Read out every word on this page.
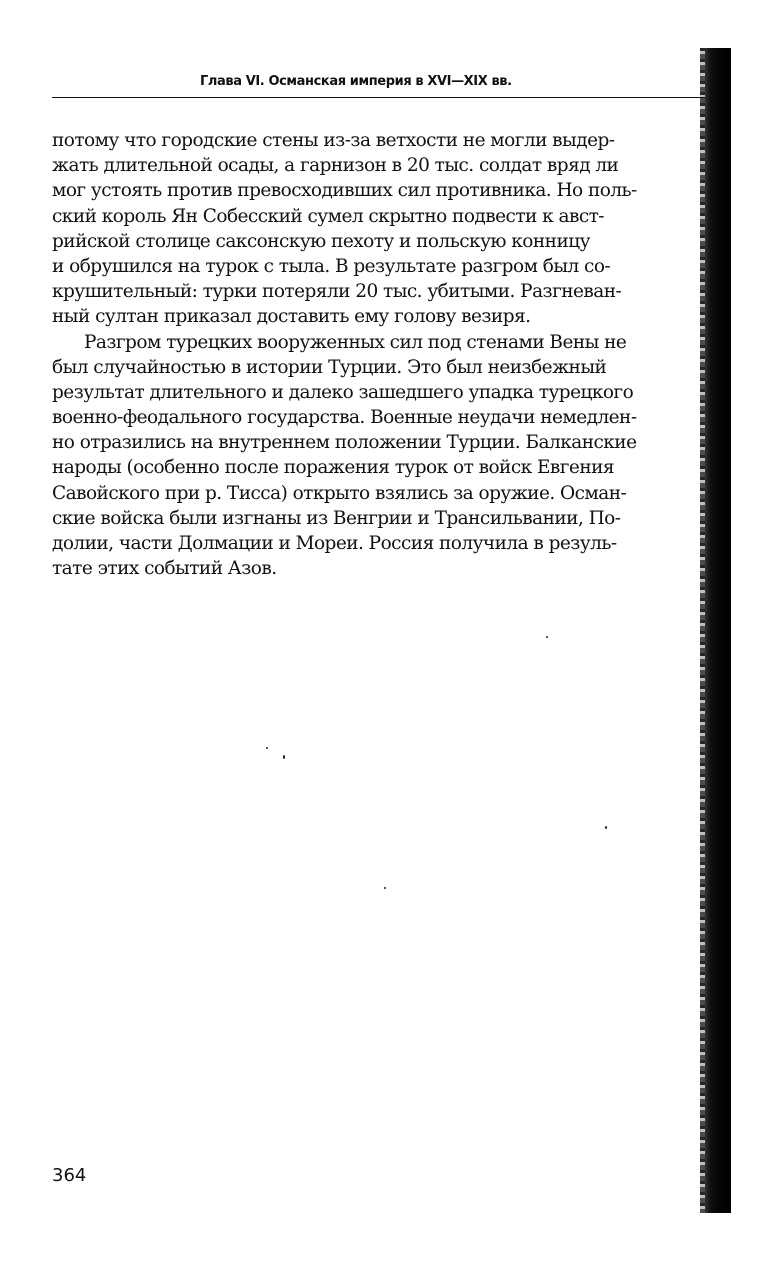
Глава VI. Османская империя в XVI—XIX вв.
потому что городские стены из-за ветхости не могли выдер-
жать длительной осады, а гарнизон в 20 тыс. солдат вряд ли
мог устоять против превосходивших сил противника. Но поль-
ский король Ян Собесский сумел скрытно подвести к авст-
рийской столице саксонскую пехоту и польскую конницу
и обрушился на турок с тыла. В результате разгром был со-
крушительный: турки потеряли 20 тыс. убитыми. Разгневан-
ный султан приказал доставить ему голову везиря.
Разгром турецких вооруженных сил под стенами Вены не
был случайностью в истории Турции. Это был неизбежный
результат длительного и далеко зашедшего упадка турецкого
военно-феодального государства. Военные неудачи немедлен-
но отразились на внутреннем положении Турции. Балканские
народы (особенно после поражения турок от войск Евгения
Савойского при р. Тисса) открыто взялись за оружие. Осман-
ские войска были изгнаны из Венгрии и Трансильвании, По-
долии, части Долмации и Мореи. Россия получила в резуль-
тате этих событий Азов.
364
